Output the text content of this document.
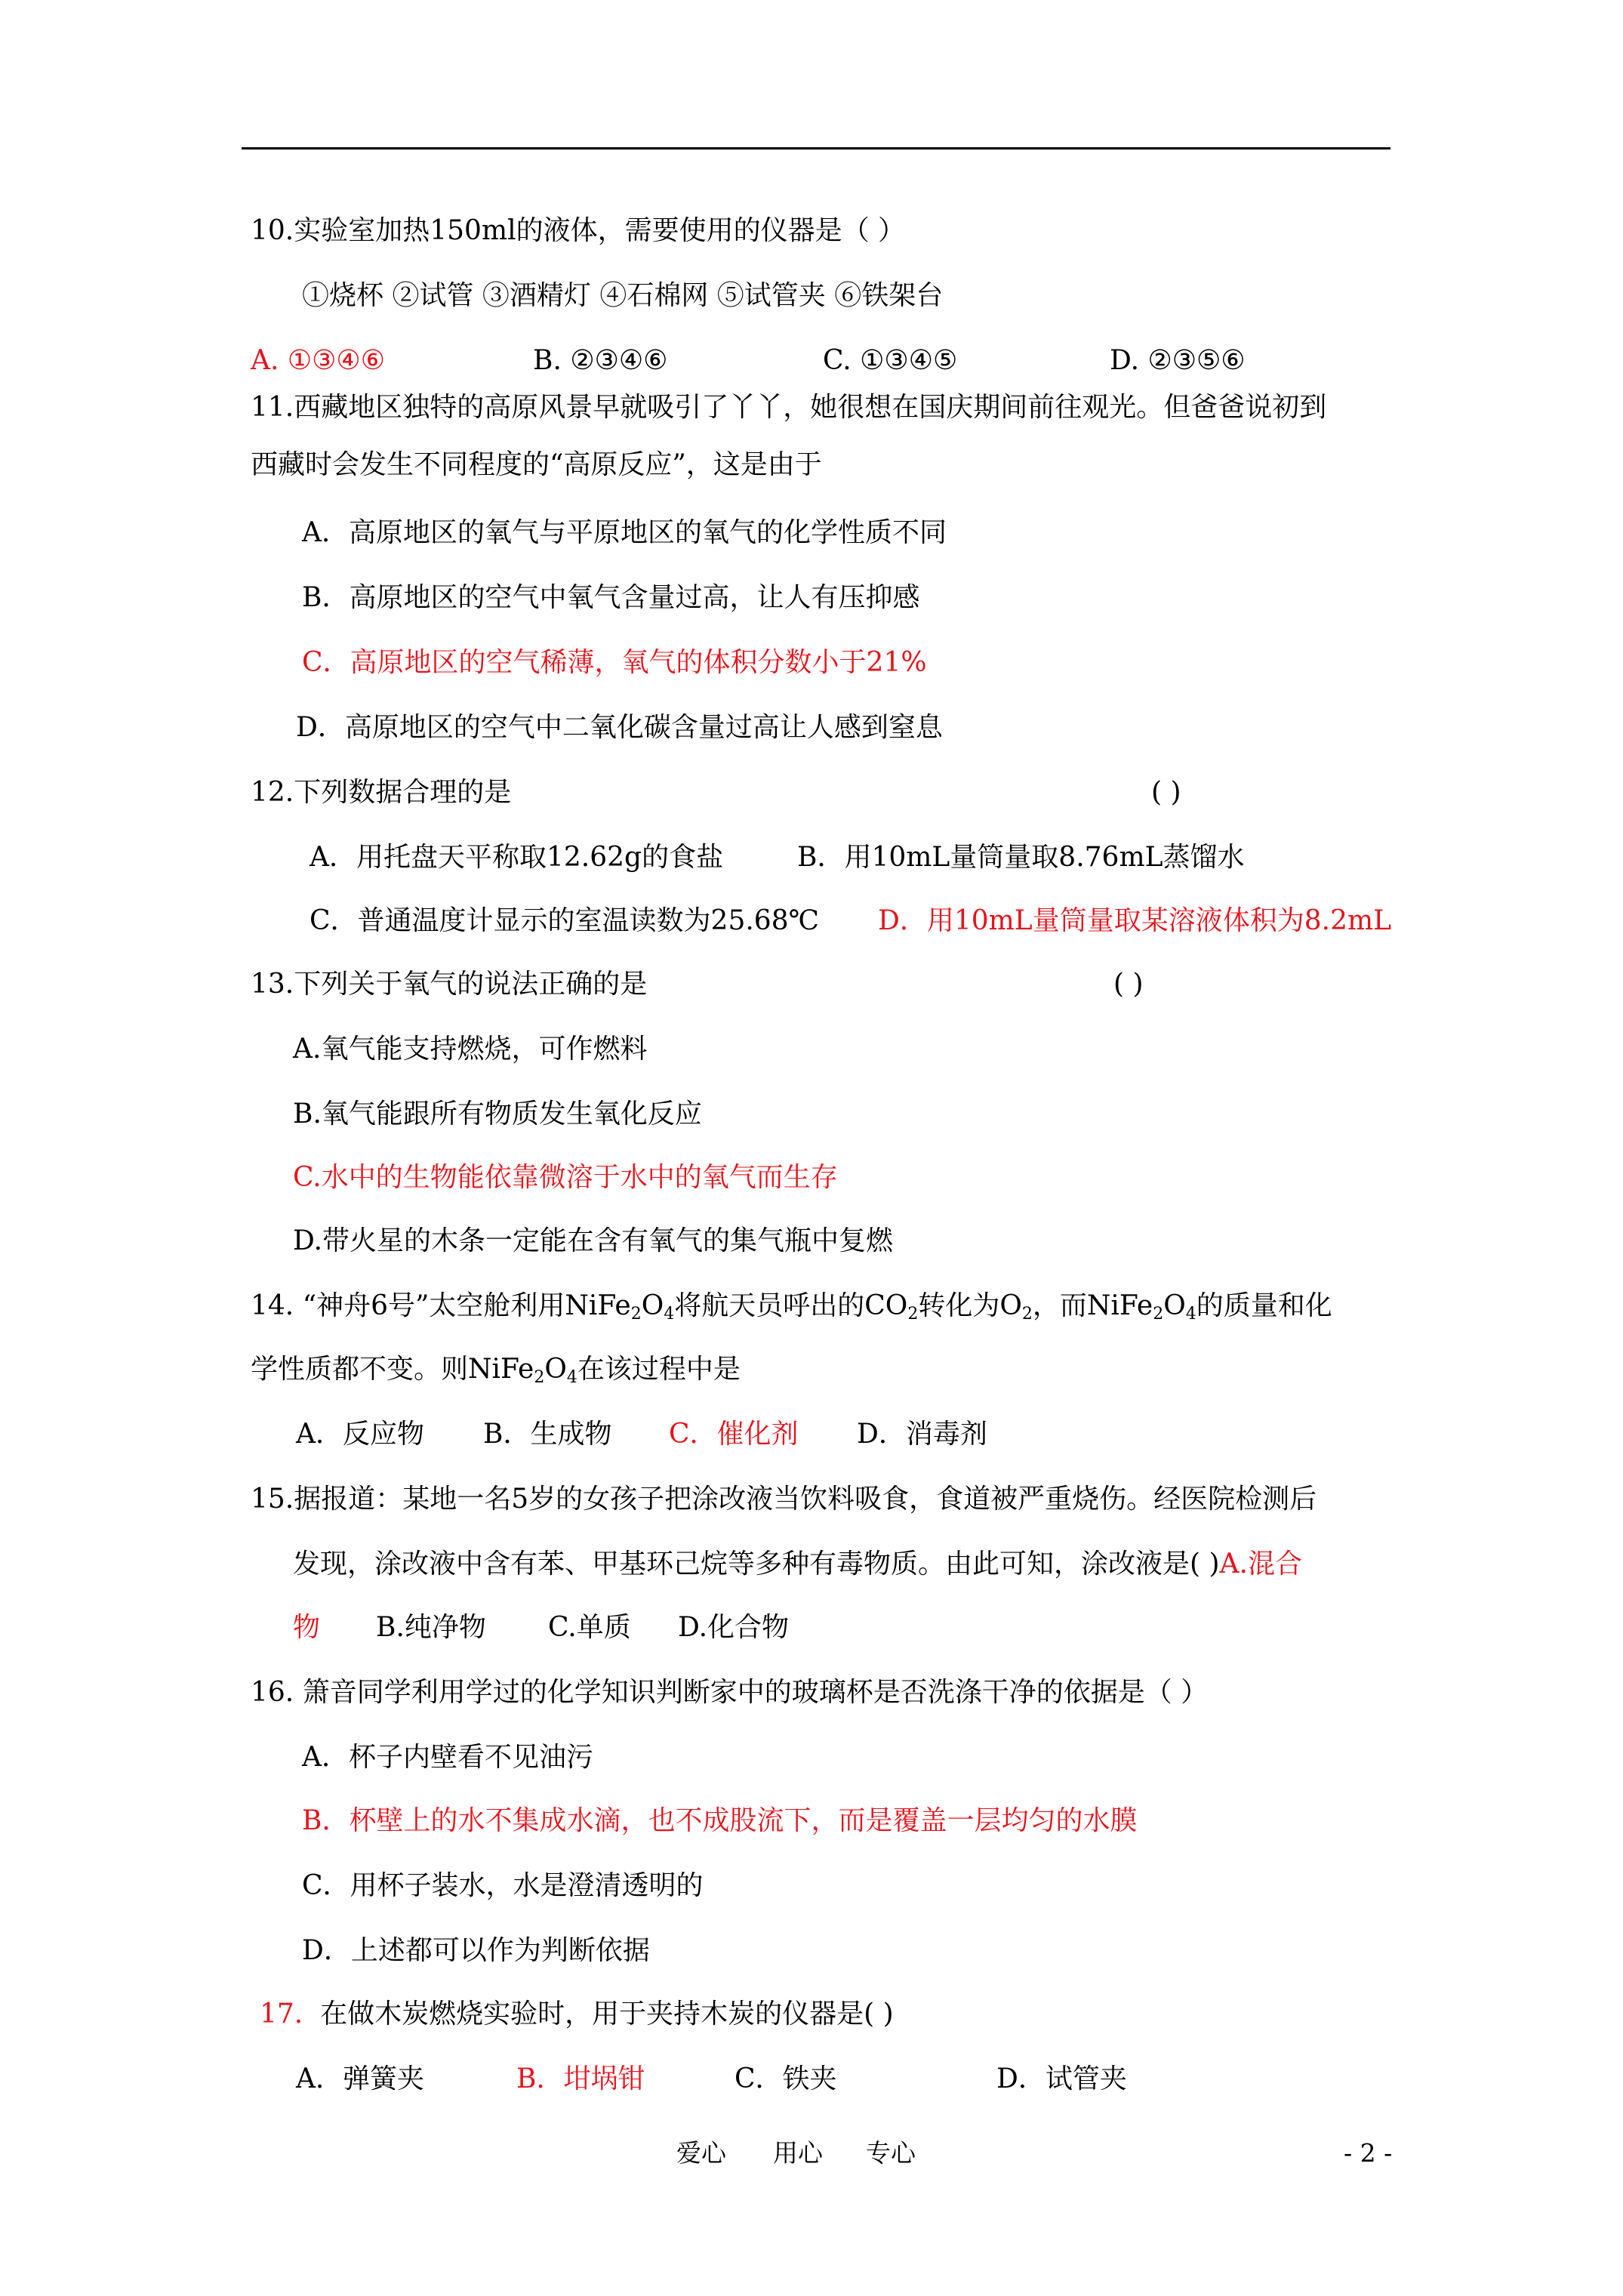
10.实验室加热150ml的液体，需要使用的仪器是（ ）
①烧杯 ②试管 ③酒精灯 ④石棉网 ⑤试管夹 ⑥铁架台
A. ①③④⑥	B. ②③④⑥	C. ①③④⑤	D. ②③⑤⑥
11.西藏地区独特的高原风景早就吸引了丫丫，她很想在国庆期间前往观光。但爸爸说初到
西藏时会发生不同程度的“高原反应”，这是由于
A．高原地区的氧气与平原地区的氧气的化学性质不同
B．高原地区的空气中氧气含量过高，让人有压抑感
C．高原地区的空气稀薄，氧气的体积分数小于21%
D．高原地区的空气中二氧化碳含量过高让人感到窒息
12.下列数据合理的是	( )
A．用托盘天平称取12.62g的食盐	B．用10mL量筒量取8.76mL蒸馏水
C．普通温度计显示的室温读数为25.68℃ D．用10mL量筒量取某溶液体积为8.2mL
13.下列关于氧气的说法正确的是	( )
A.氧气能支持燃烧，可作燃料
B.氧气能跟所有物质发生氧化反应
C.水中的生物能依靠微溶于水中的氧气而生存
D.带火星的木条一定能在含有氧气的集气瓶中复燃
14. “神舟6号”太空舱利用$NiFe_2O_4$将航天员呼出的$CO_2$转化为$O_2$，而$NiFe_2O_4$的质量和化
学性质都不变。则$NiFe_2O_4$在该过程中是
A．反应物 B．生成物 C．催化剂 D．消毒剂
15.据报道：某地一名5岁的女孩子把涂改液当饮料吸食，食道被严重烧伤。经医院检测后
发现，涂改液中含有苯、甲基环己烷等多种有毒物质。由此可知，涂改液是( )A.混合
物 B.纯净物 C.单质 D.化合物
16. 箫音同学利用学过的化学知识判断家中的玻璃杯是否洗涤干净的依据是（ ）
A．杯子内壁看不见油污
B．杯壁上的水不集成水滴，也不成股流下，而是覆盖一层均匀的水膜
C．用杯子装水，水是澄清透明的
D．上述都可以作为判断依据
17. 在做木炭燃烧实验时，用于夹持木炭的仪器是( )
A．弹簧夹	B．坩埚钳	C．铁夹	D．试管夹
爱心 用心 专心	- 2 -
